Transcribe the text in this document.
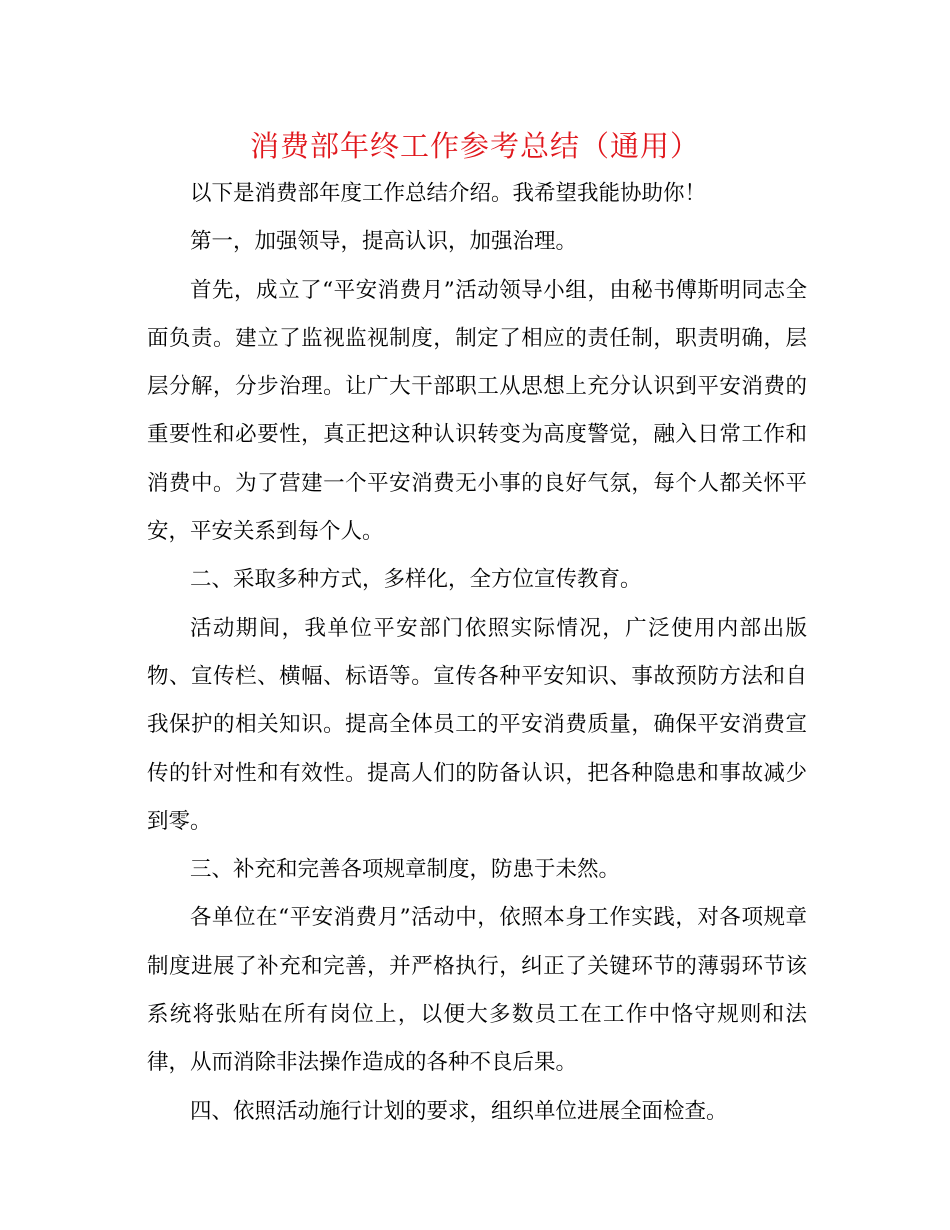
消费部年终工作参考总结（通用）

以下是消费部年度工作总结介绍。我希望我能协助你！

第一，加强领导，提高认识，加强治理。

首先，成立了“平安消费月”活动领导小组，由秘书傅斯明同志全面负责。建立了监视监视制度，制定了相应的责任制，职责明确，层层分解，分步治理。让广大干部职工从思想上充分认识到平安消费的重要性和必要性，真正把这种认识转变为高度警觉，融入日常工作和消费中。为了营建一个平安消费无小事的良好气氛，每个人都关怀平安，平安关系到每个人。

二、采取多种方式，多样化，全方位宣传教育。

活动期间，我单位平安部门依照实际情况，广泛使用内部出版物、宣传栏、横幅、标语等。宣传各种平安知识、事故预防方法和自我保护的相关知识。提高全体员工的平安消费质量，确保平安消费宣传的针对性和有效性。提高人们的防备认识，把各种隐患和事故减少到零。

三、补充和完善各项规章制度，防患于未然。

各单位在“平安消费月”活动中，依照本身工作实践，对各项规章制度进展了补充和完善，并严格执行，纠正了关键环节的薄弱环节该系统将张贴在所有岗位上，以便大多数员工在工作中恪守规则和法律，从而消除非法操作造成的各种不良后果。

四、依照活动施行计划的要求，组织单位进展全面检查。
